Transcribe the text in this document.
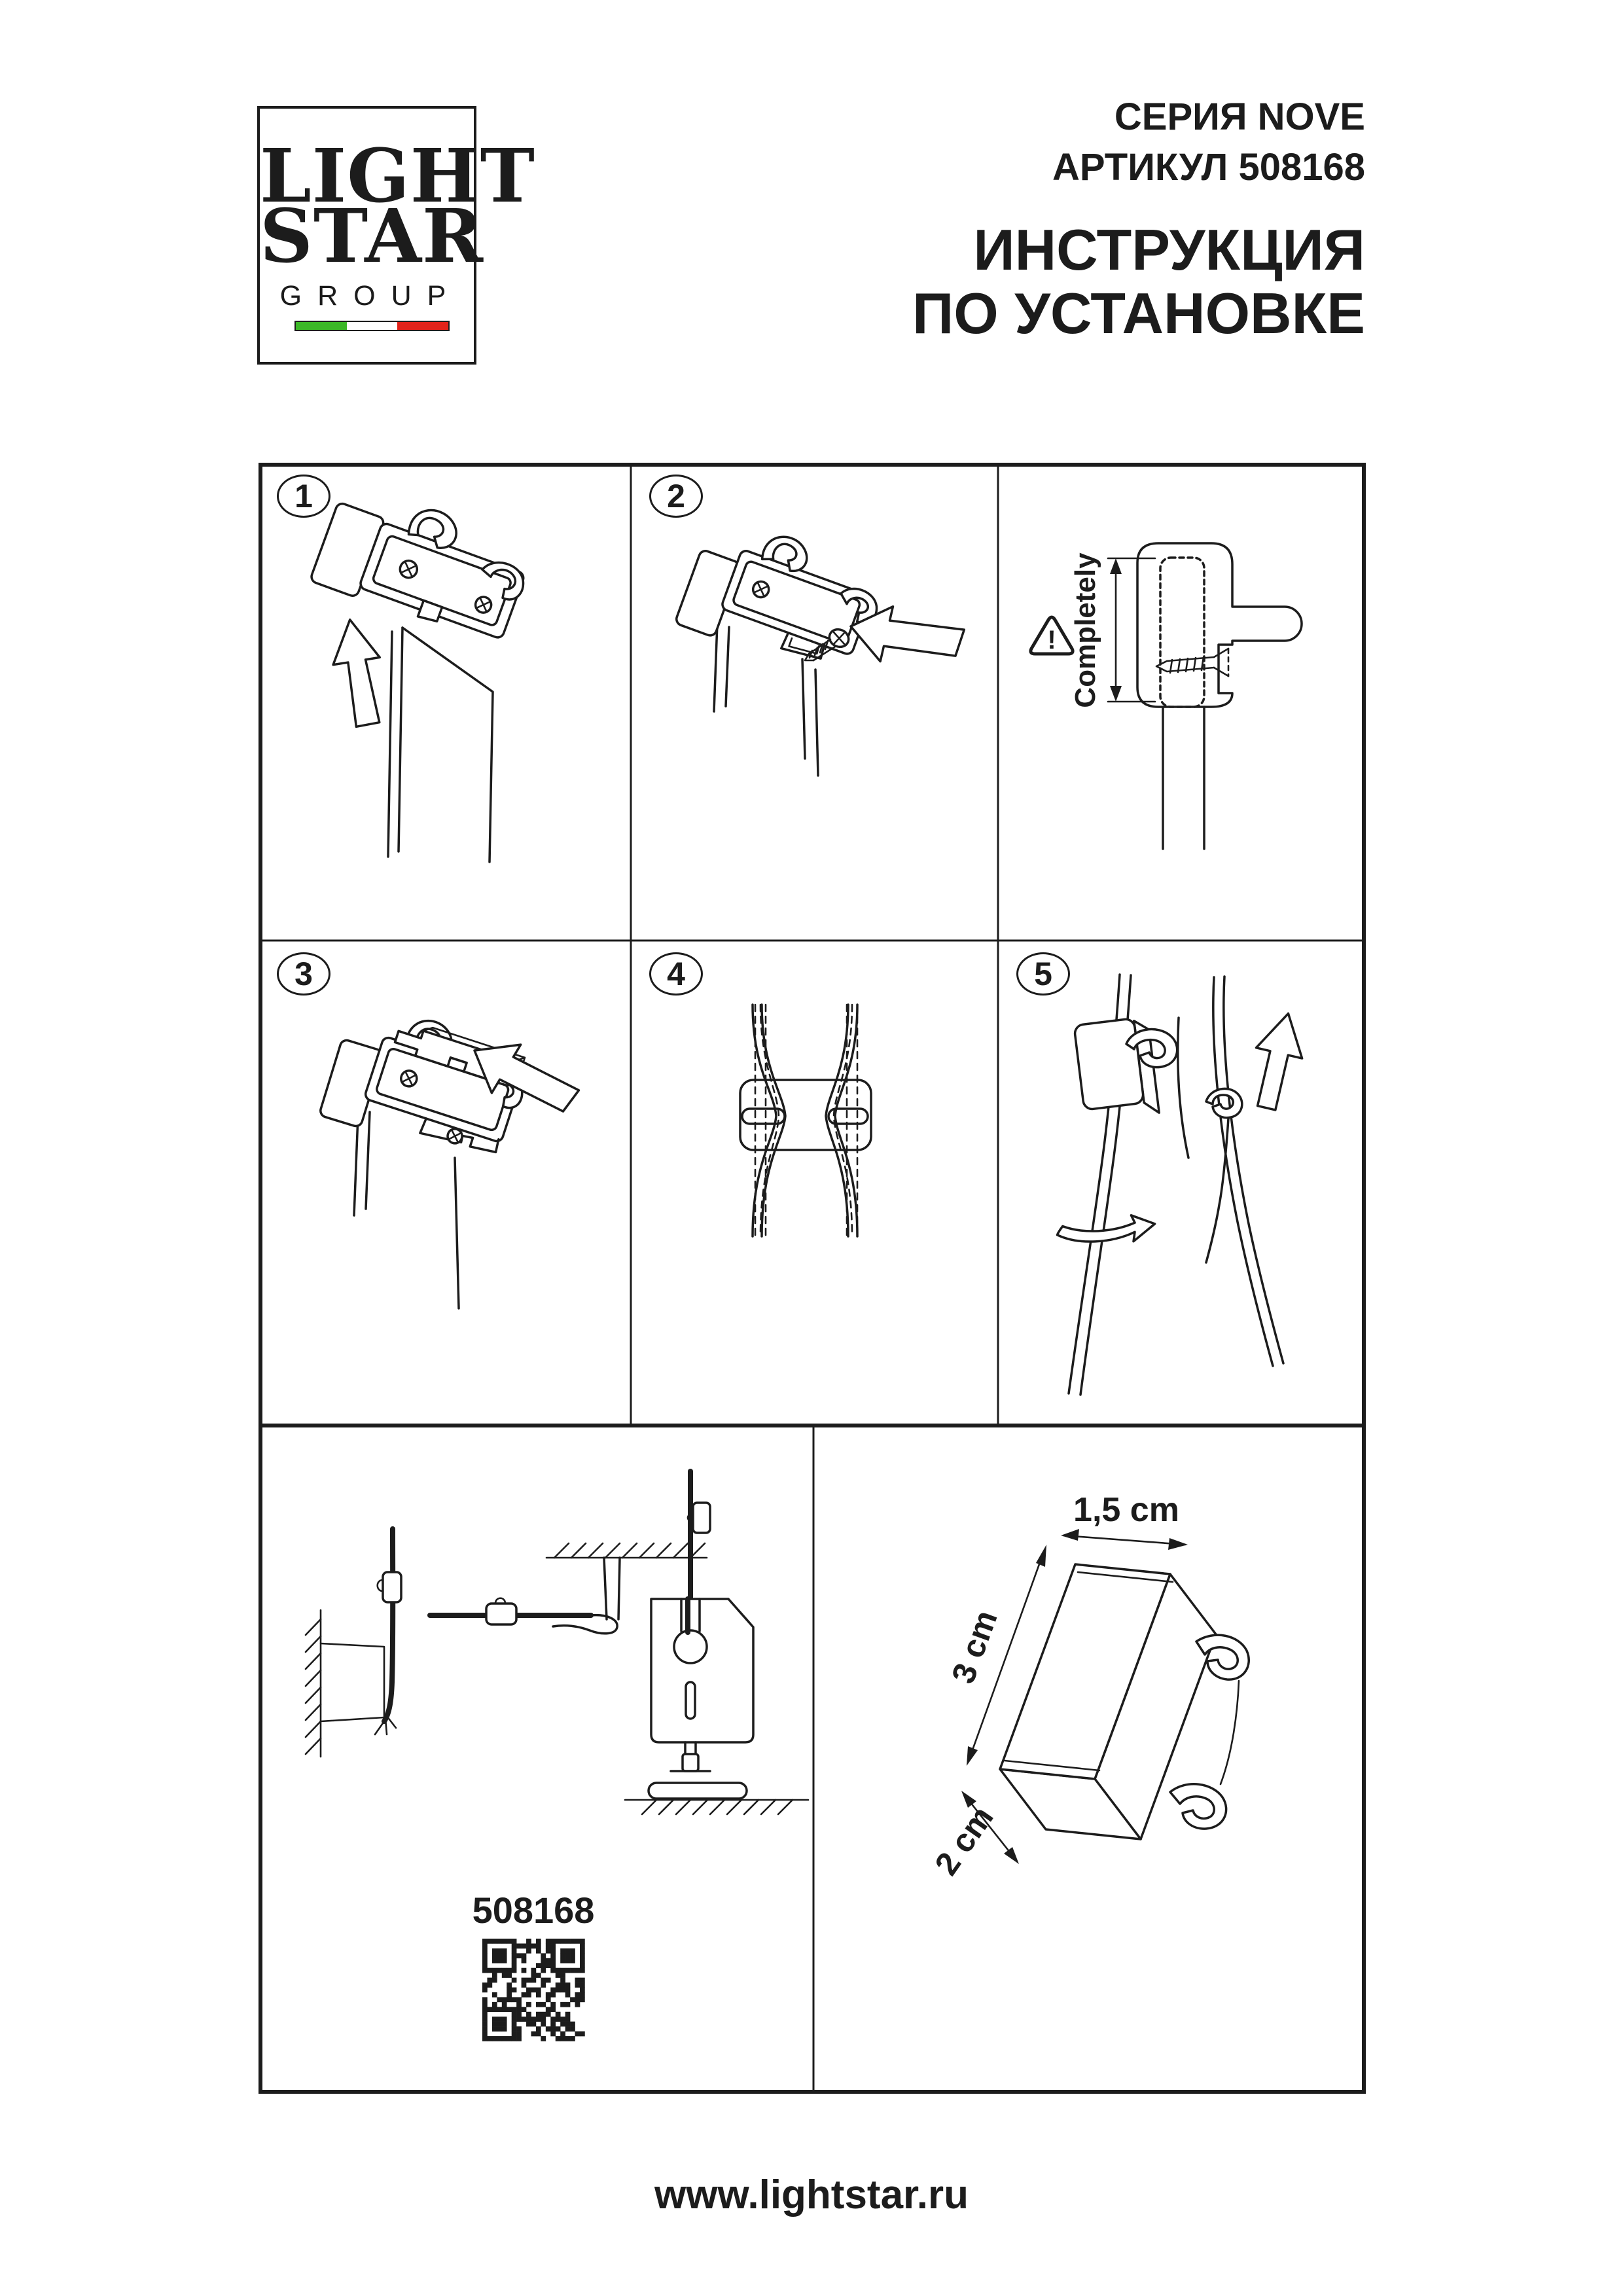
LIGHT
STAR
GROUP
СЕРИЯ NOVE
АРТИКУЛ 508168
ИНСТРУКЦИЯ
ПО УСТАНОВКЕ
1	2
Completely
!
3	4	5
508168
1,5 cm
3 cm
2 cm
www.lightstar.ru
